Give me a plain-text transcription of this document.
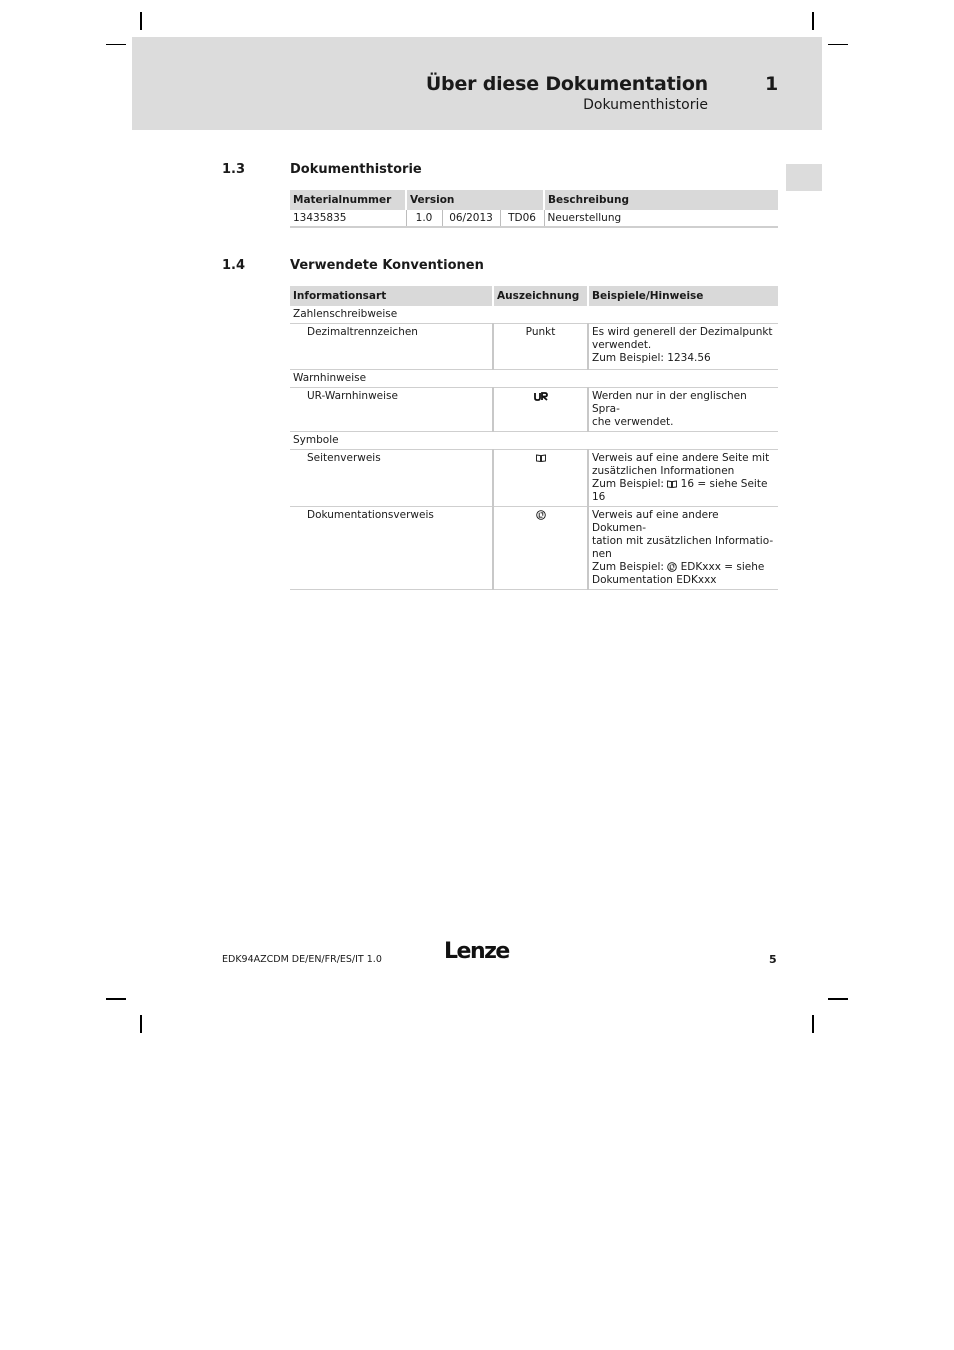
Über diese Dokumentation	1
Dokumenthistorie
1.3	Dokumenthistorie
Materialnummer	Version			Beschreibung
13435835	1.0	06/2013	TD06	Neuerstellung
1.4	Verwendete Konventionen
Informationsart	Auszeichnung	Beispiele/Hinweise
Zahlenschreibweise		
Dezimaltrennzeichen	Punkt	Es wird generell der Dezimalpunkt
verwendet.
Zum Beispiel: 1234.56

Warnhinweise		
UR-Warnhinweise		Werden nur in der englischen Spra-
che verwendet.

Symbole		
Seitenverweis		Verweis auf eine andere Seite mit
zusätzlichen Informationen
Zum Beispiel: 16 = siehe Seite 16

Dokumentationsverweis		Verweis auf eine andere Dokumen-
tation mit zusätzlichen Informatio-
nen
Zum Beispiel: EDKxxx = siehe
Dokumentation EDKxxx
EDK94AZCDM DE/EN/FR/ES/IT 1.0	Lenze	5
